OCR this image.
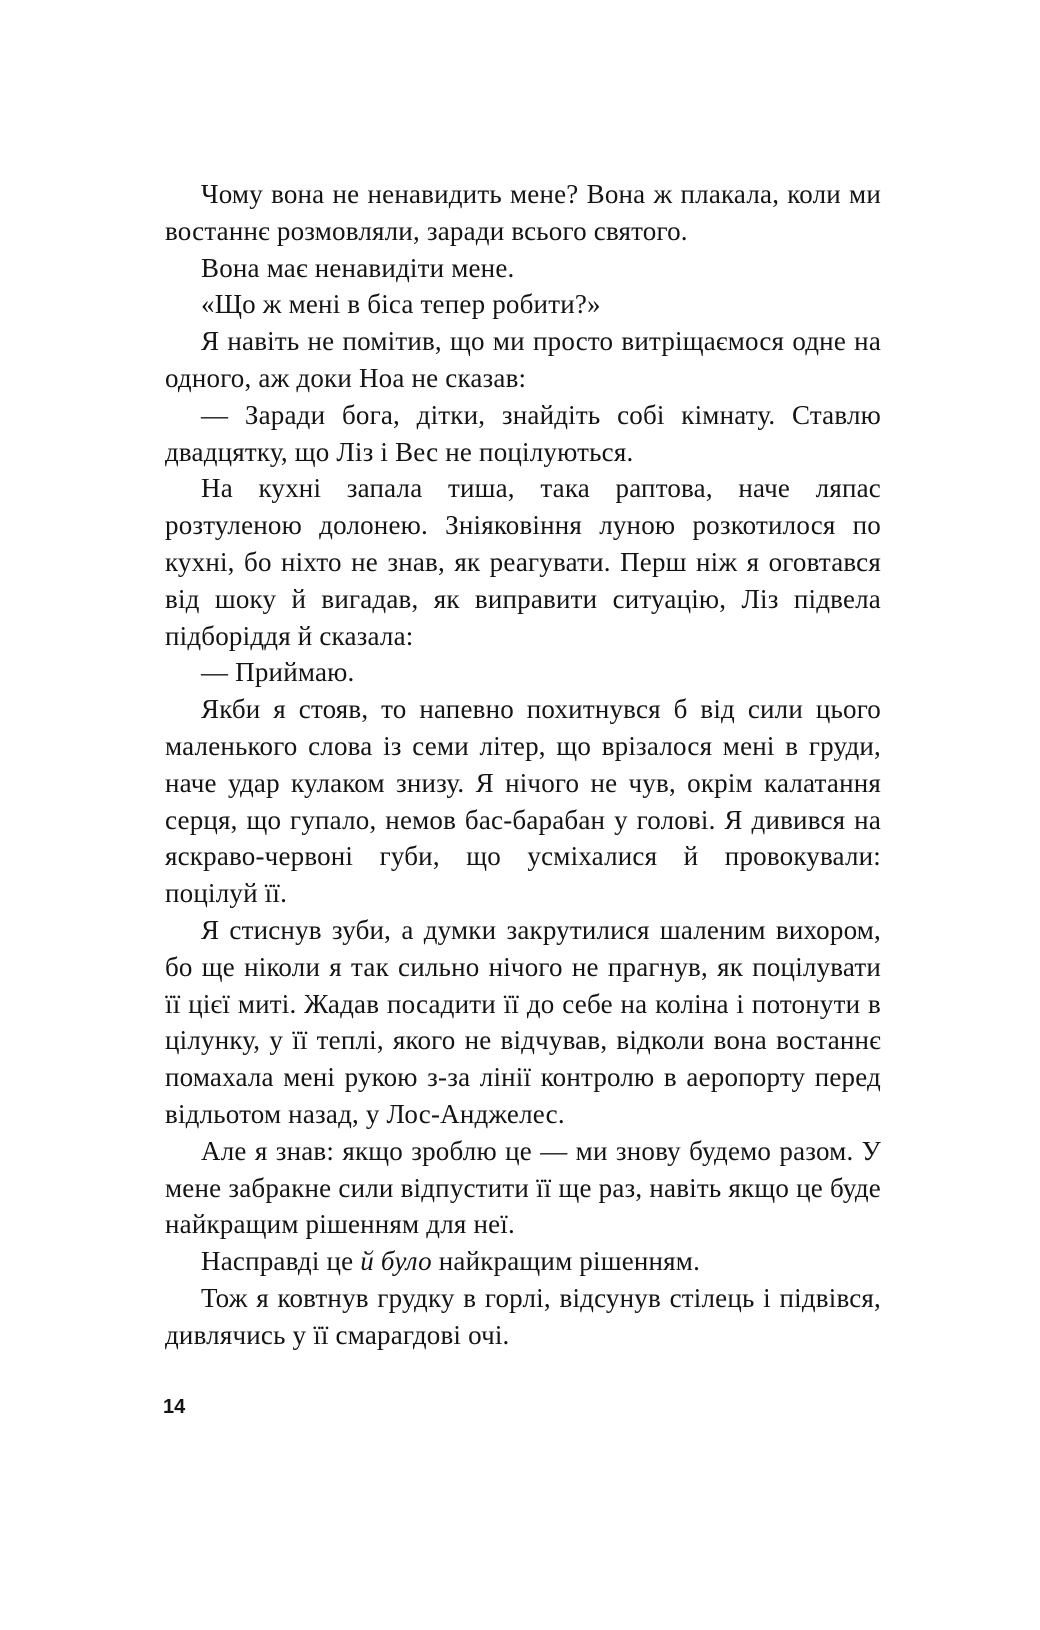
Чому вона не ненавидить мене? Вона ж плакала, коли ми востаннє розмовляли, заради всього святого.

Вона має ненавидіти мене.

«Що ж мені в біса тепер робити?»

Я навіть не помітив, що ми просто витріщаємося одне на одного, аж доки Ноа не сказав:

— Заради бога, дітки, знайдіть собі кімнату. Ставлю двадцятку, що Ліз і Вес не поцілуються.

На кухні запала тиша, така раптова, наче ляпас розтуленою долонею. Зніяковіння луною розкотилося по кухні, бо ніхто не знав, як реагувати. Перш ніж я оговтався від шоку й вигадав, як виправити ситуацію, Ліз підвела підборіддя й сказала:

— Приймаю.

Якби я стояв, то напевно похитнувся б від сили цього маленького слова із семи літер, що врізалося мені в груди, наче удар кулаком знизу. Я нічого не чув, окрім калатання серця, що гупало, немов бас-барабан у голові. Я дивився на яскраво-червоні губи, що усміхалися й провокували: поцілуй її.

Я стиснув зуби, а думки закрутилися шаленим вихором, бо ще ніколи я так сильно нічого не прагнув, як поцілувати її цієї миті. Жадав посадити її до себе на коліна і потонути в цілунку, у її теплі, якого не відчував, відколи вона востаннє помахала мені рукою з-за лінії контролю в аеропорту перед відльотом назад, у Лос-Анджелес.

Але я знав: якщо зроблю це — ми знову будемо разом. У мене забракне сили відпустити її ще раз, навіть якщо це буде найкращим рішенням для неї.

Насправді це й було найкращим рішенням.

Тож я ковтнув грудку в горлі, відсунув стілець і підвівся, дивлячись у її смарагдові очі.

14
